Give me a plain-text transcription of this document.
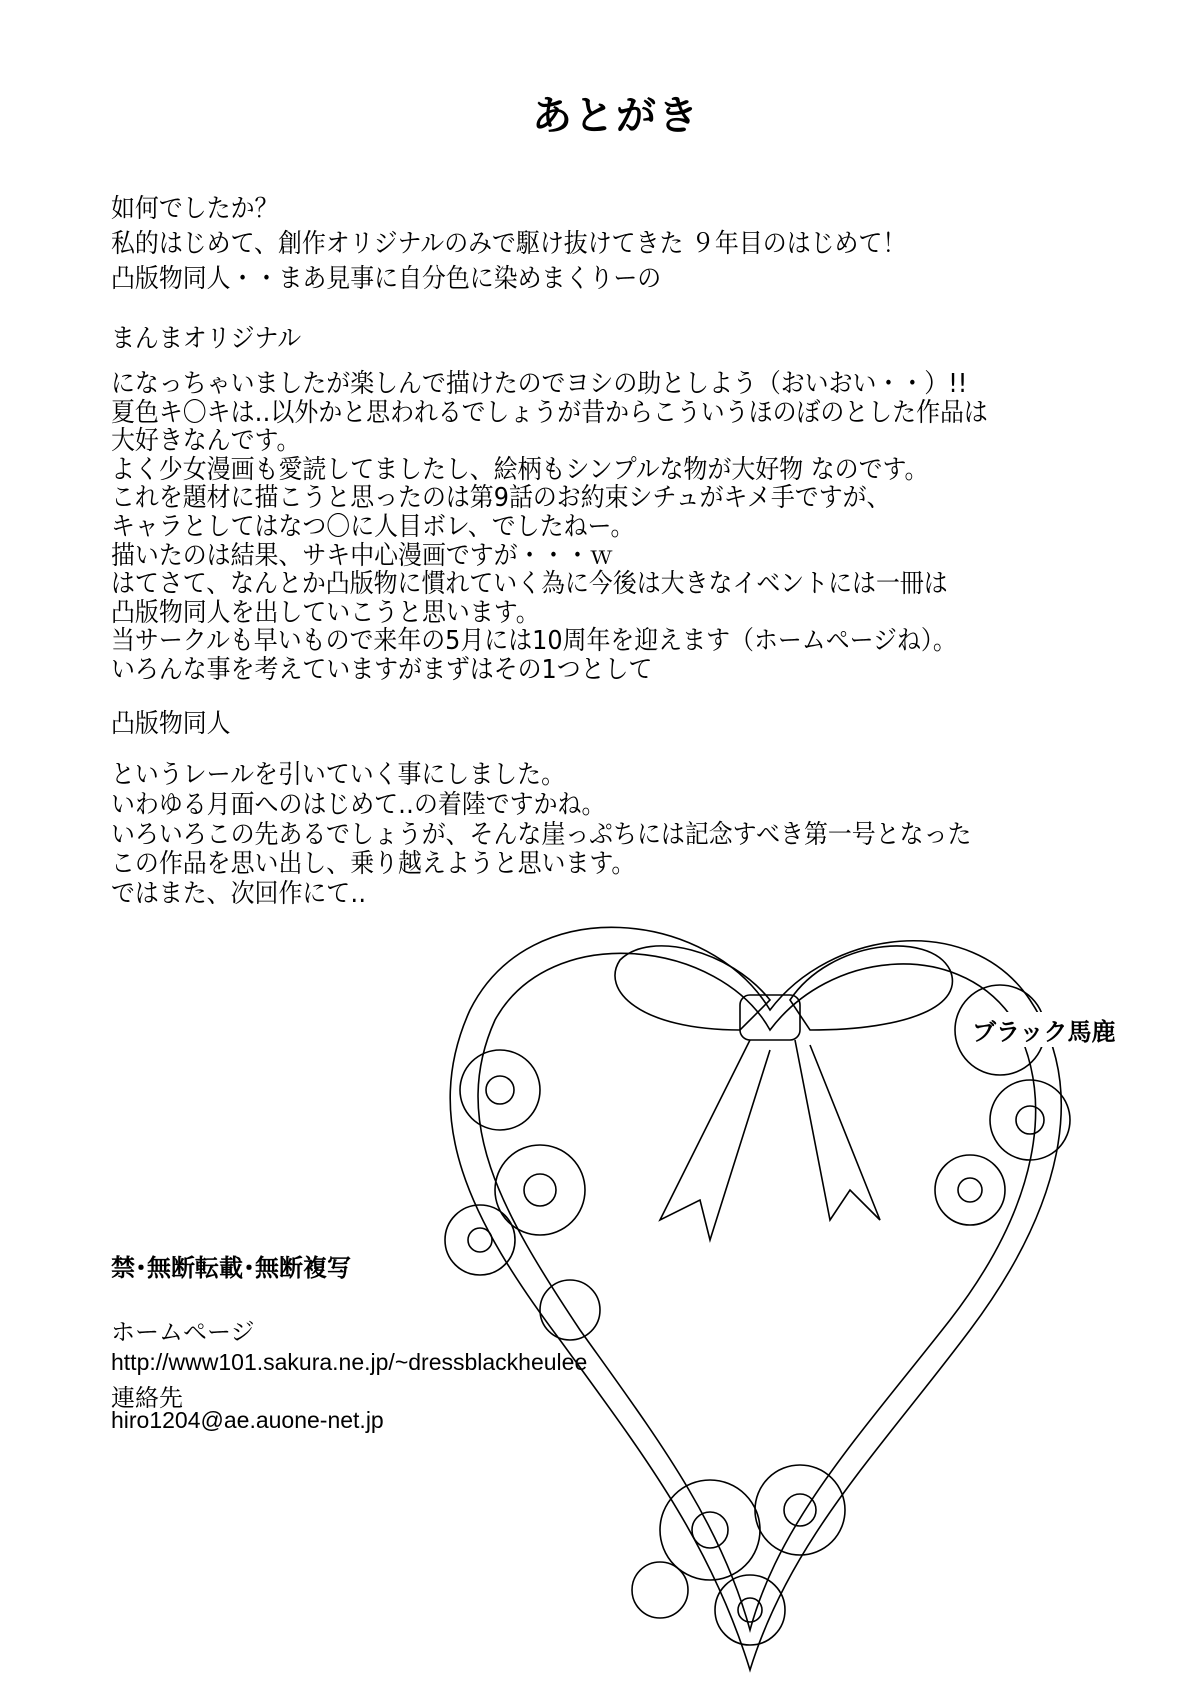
あとがき
如何でしたか？
私的はじめて、創作オリジナルのみで駆け抜けてきた ９年目のはじめて！
凸版物同人・・まあ見事に自分色に染めまくりーの
まんまオリジナル
になっちゃいましたが楽しんで描けたのでヨシの助としよう（おいおい・・）!!
夏色キ〇キは‥以外かと思われるでしょうが昔からこういうほのぼのとした作品は
大好きなんです。
よく少女漫画も愛読してましたし、絵柄もシンプルな物が大好物 なのです。
これを題材に描こうと思ったのは第9話のお約束シチュがキメ手ですが、
キャラとしてはなつ〇に人目ボレ、でしたねー。
描いたのは結果、サキ中心漫画ですが・・・ｗ
はてさて、なんとか凸版物に慣れていく為に今後は大きなイベントには一冊は
凸版物同人を出していこうと思います。
当サークルも早いもので来年の5月には10周年を迎えます（ホームページね）。
いろんな事を考えていますがまずはその1つとして
凸版物同人
というレールを引いていく事にしました。
いわゆる月面へのはじめて‥の着陸ですかね。
いろいろこの先あるでしょうが、そんな崖っぷちには記念すべき第一号となった
この作品を思い出し、乗り越えようと思います。
ではまた、次回作にて‥
ブラック馬鹿
禁･無断転載･無断複写
ホームページ
http://www101.sakura.ne.jp/~dressblackheulee
連絡先
hiro1204@ae.auone-net.jp
